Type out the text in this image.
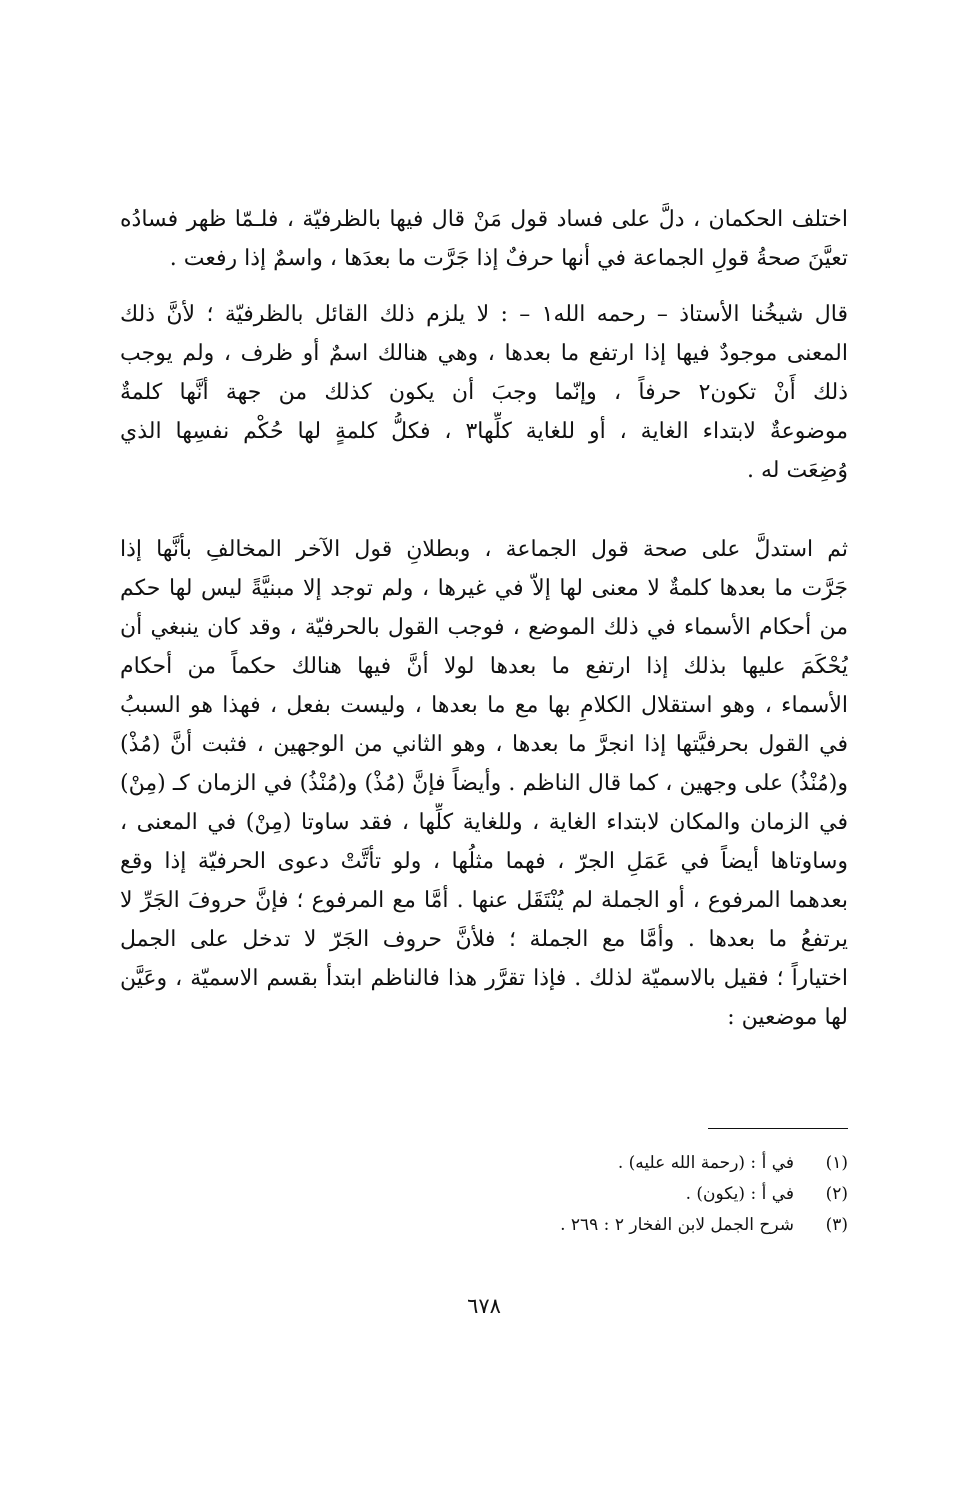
اختلف الحكمان ، دلَّ على فساد قول مَنْ قال فيها بالظرفيّة ، فلـمّا ظهر فسادُه
تعيَّنَ صحةُ قولِ الجماعة في أنها حرفٌ إذا جَرَّت ما بعدَها ، واسمٌ إذا رفعت .
قال شيخُنا الأستاذ – رحمه الله١ – : لا يلزم ذلك القائل بالظرفيّة ؛ لأنَّ ذلك
المعنى موجودٌ فيها إذا ارتفع ما بعدها ، وهي هنالك اسمٌ أو ظرف ، ولم يوجب
ذلك أَنْ تكون٢ حرفاً ، وإنّما وجبَ أن يكون كذلك من جهة أنَّها كلمةٌ
موضوعةٌ لابتداء الغاية ، أو للغاية كلِّها٣ ، فكلُّ كلمةٍ لها حُكْم نفسِها الذي
وُضِعَت له .
ثم استدلَّ على صحة قول الجماعة ، وبطلانِ قول الآخر المخالفِ بأنَّها إذا
جَرَّت ما بعدها كلمةٌ لا معنى لها إلاّ في غيرها ، ولم توجد إلا مبنيَّةً ليس لها حكم
من أحكام الأسماء في ذلك الموضع ، فوجب القول بالحرفيّة ، وقد كان ينبغي أن
يُحْكَمَ عليها بذلك إذا ارتفع ما بعدها لولا أنَّ فيها هنالك حكماً من أحكام
الأسماء ، وهو استقلال الكلامِ بها مع ما بعدها ، وليست بفعل ، فهذا هو السببُ
في القول بحرفيَّتها إذا انجرَّ ما بعدها ، وهو الثاني من الوجهين ، فثبت أنَّ (مُذْ)
و(مُنْذُ) على وجهين ، كما قال الناظم . وأيضاً فإنَّ (مُذْ) و(مُنْذُ) في الزمان كـ (مِنْ)
في الزمان والمكان لابتداء الغاية ، وللغاية كلِّها ، فقد ساوتا (مِنْ) في المعنى ،
وساوتاها أيضاً في عَمَلِ الجرّ ، فهما مثلُها ، ولو تأتَّتْ دعوى الحرفيّة إذا وقع
بعدهما المرفوع ، أو الجملة لم يُنْتَقَل عنها . أمَّا مع المرفوع ؛ فإنَّ حروفَ الجَرِّ لا
يرتفعُ ما بعدها . وأمَّا مع الجملة ؛ فلأنَّ حروف الجَرّ لا تدخل على الجمل
اختياراً ؛ فقيل بالاسميّة لذلك . فإذا تقرَّر هذا فالناظم ابتدأ بقسم الاسميّة ، وعَيَّن
لها موضعين :
(١)
في أ : (رحمة الله عليه) .
(٢)
في أ : (يكون) .
(٣)
شرح الجمل لابن الفخار ٢ : ٢٦٩ .
٦٧٨
